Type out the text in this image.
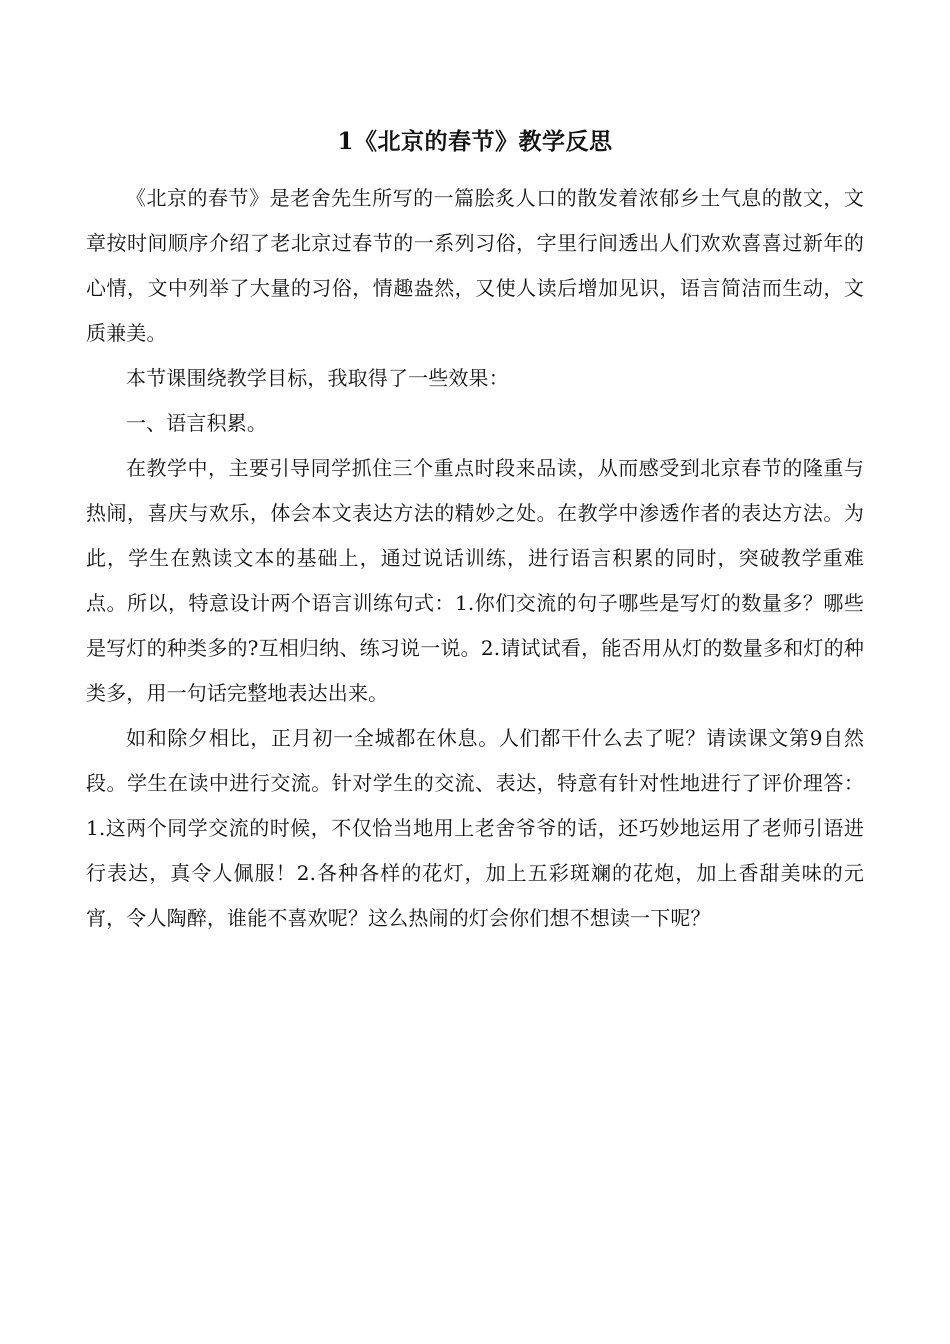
1《北京的春节》教学反思

《北京的春节》是老舍先生所写的一篇脍炙人口的散发着浓郁乡土气息的散文，文章按时间顺序介绍了老北京过春节的一系列习俗，字里行间透出人们欢欢喜喜过新年的心情，文中列举了大量的习俗，情趣盎然，又使人读后增加见识，语言简洁而生动，文质兼美。

本节课围绕教学目标，我取得了一些效果：

一、语言积累。

在教学中，主要引导同学抓住三个重点时段来品读，从而感受到北京春节的隆重与热闹，喜庆与欢乐，体会本文表达方法的精妙之处。在教学中渗透作者的表达方法。为此，学生在熟读文本的基础上，通过说话训练，进行语言积累的同时，突破教学重难点。所以，特意设计两个语言训练句式：1.你们交流的句子哪些是写灯的数量多？哪些是写灯的种类多的?互相归纳、练习说一说。2.请试试看，能否用从灯的数量多和灯的种类多，用一句话完整地表达出来。

如和除夕相比，正月初一全城都在休息。人们都干什么去了呢？请读课文第9自然段。学生在读中进行交流。针对学生的交流、表达，特意有针对性地进行了评价理答：1.这两个同学交流的时候，不仅恰当地用上老舍爷爷的话，还巧妙地运用了老师引语进行表达，真令人佩服！2.各种各样的花灯，加上五彩斑斓的花炮，加上香甜美味的元宵，令人陶醉，谁能不喜欢呢？这么热闹的灯会你们想不想读一下呢？
